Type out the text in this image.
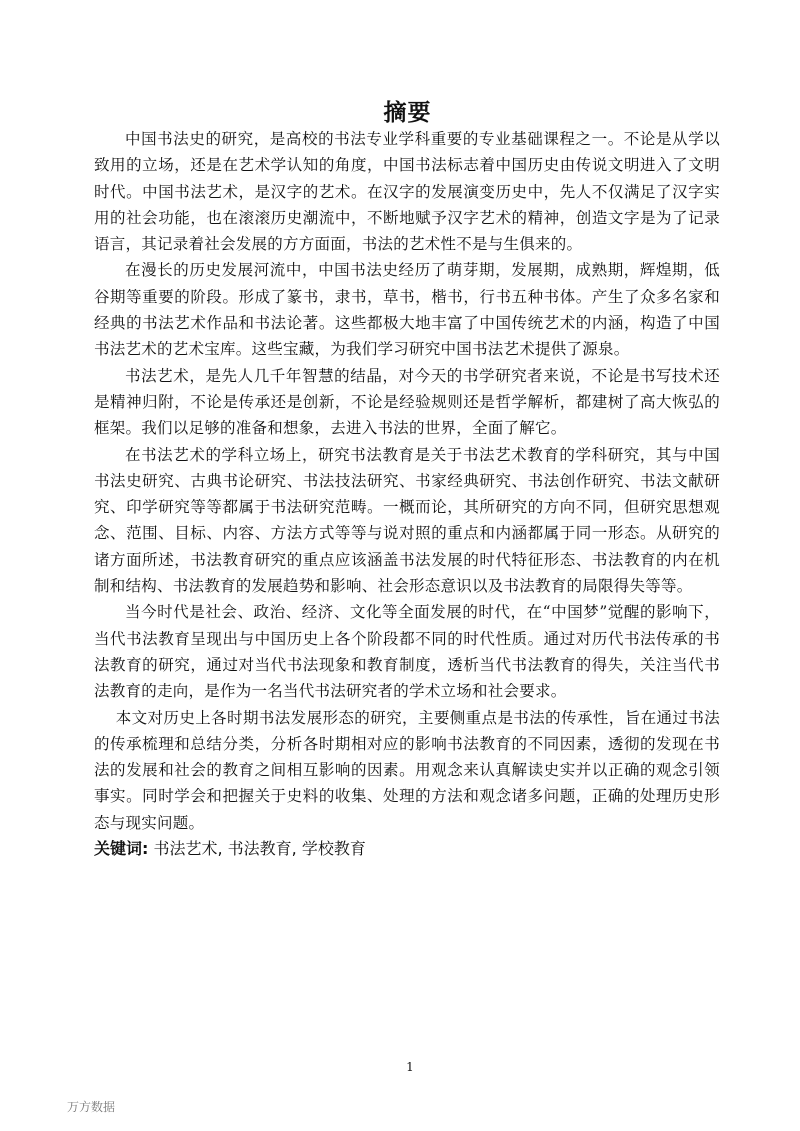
摘要

中国书法史的研究，是高校的书法专业学科重要的专业基础课程之一。不论是从学以致用的立场，还是在艺术学认知的角度，中国书法标志着中国历史由传说文明进入了文明时代。中国书法艺术，是汉字的艺术。在汉字的发展演变历史中，先人不仅满足了汉字实用的社会功能，也在滚滚历史潮流中，不断地赋予汉字艺术的精神，创造文字是为了记录语言，其记录着社会发展的方方面面，书法的艺术性不是与生俱来的。

在漫长的历史发展河流中，中国书法史经历了萌芽期，发展期，成熟期，辉煌期，低谷期等重要的阶段。形成了篆书，隶书，草书，楷书，行书五种书体。产生了众多名家和经典的书法艺术作品和书法论著。这些都极大地丰富了中国传统艺术的内涵，构造了中国书法艺术的艺术宝库。这些宝藏，为我们学习研究中国书法艺术提供了源泉。

书法艺术，是先人几千年智慧的结晶，对今天的书学研究者来说，不论是书写技术还是精神归附，不论是传承还是创新，不论是经验规则还是哲学解析，都建树了高大恢弘的框架。我们以足够的准备和想象，去进入书法的世界，全面了解它。

在书法艺术的学科立场上，研究书法教育是关于书法艺术教育的学科研究，其与中国书法史研究、古典书论研究、书法技法研究、书家经典研究、书法创作研究、书法文献研究、印学研究等等都属于书法研究范畴。一概而论，其所研究的方向不同，但研究思想观念、范围、目标、内容、方法方式等等与说对照的重点和内涵都属于同一形态。从研究的诸方面所述，书法教育研究的重点应该涵盖书法发展的时代特征形态、书法教育的内在机制和结构、书法教育的发展趋势和影响、社会形态意识以及书法教育的局限得失等等。

当今时代是社会、政治、经济、文化等全面发展的时代，在“中国梦”觉醒的影响下，当代书法教育呈现出与中国历史上各个阶段都不同的时代性质。通过对历代书法传承的书法教育的研究，通过对当代书法现象和教育制度，透析当代书法教育的得失，关注当代书法教育的走向，是作为一名当代书法研究者的学术立场和社会要求。

本文对历史上各时期书法发展形态的研究，主要侧重点是书法的传承性，旨在通过书法的传承梳理和总结分类，分析各时期相对应的影响书法教育的不同因素，透彻的发现在书法的发展和社会的教育之间相互影响的因素。用观念来认真解读史实并以正确的观念引领事实。同时学会和把握关于史料的收集、处理的方法和观念诸多问题，正确的处理历史形态与现实问题。

关键词: 书法艺术, 书法教育, 学校教育

1
万方数据
